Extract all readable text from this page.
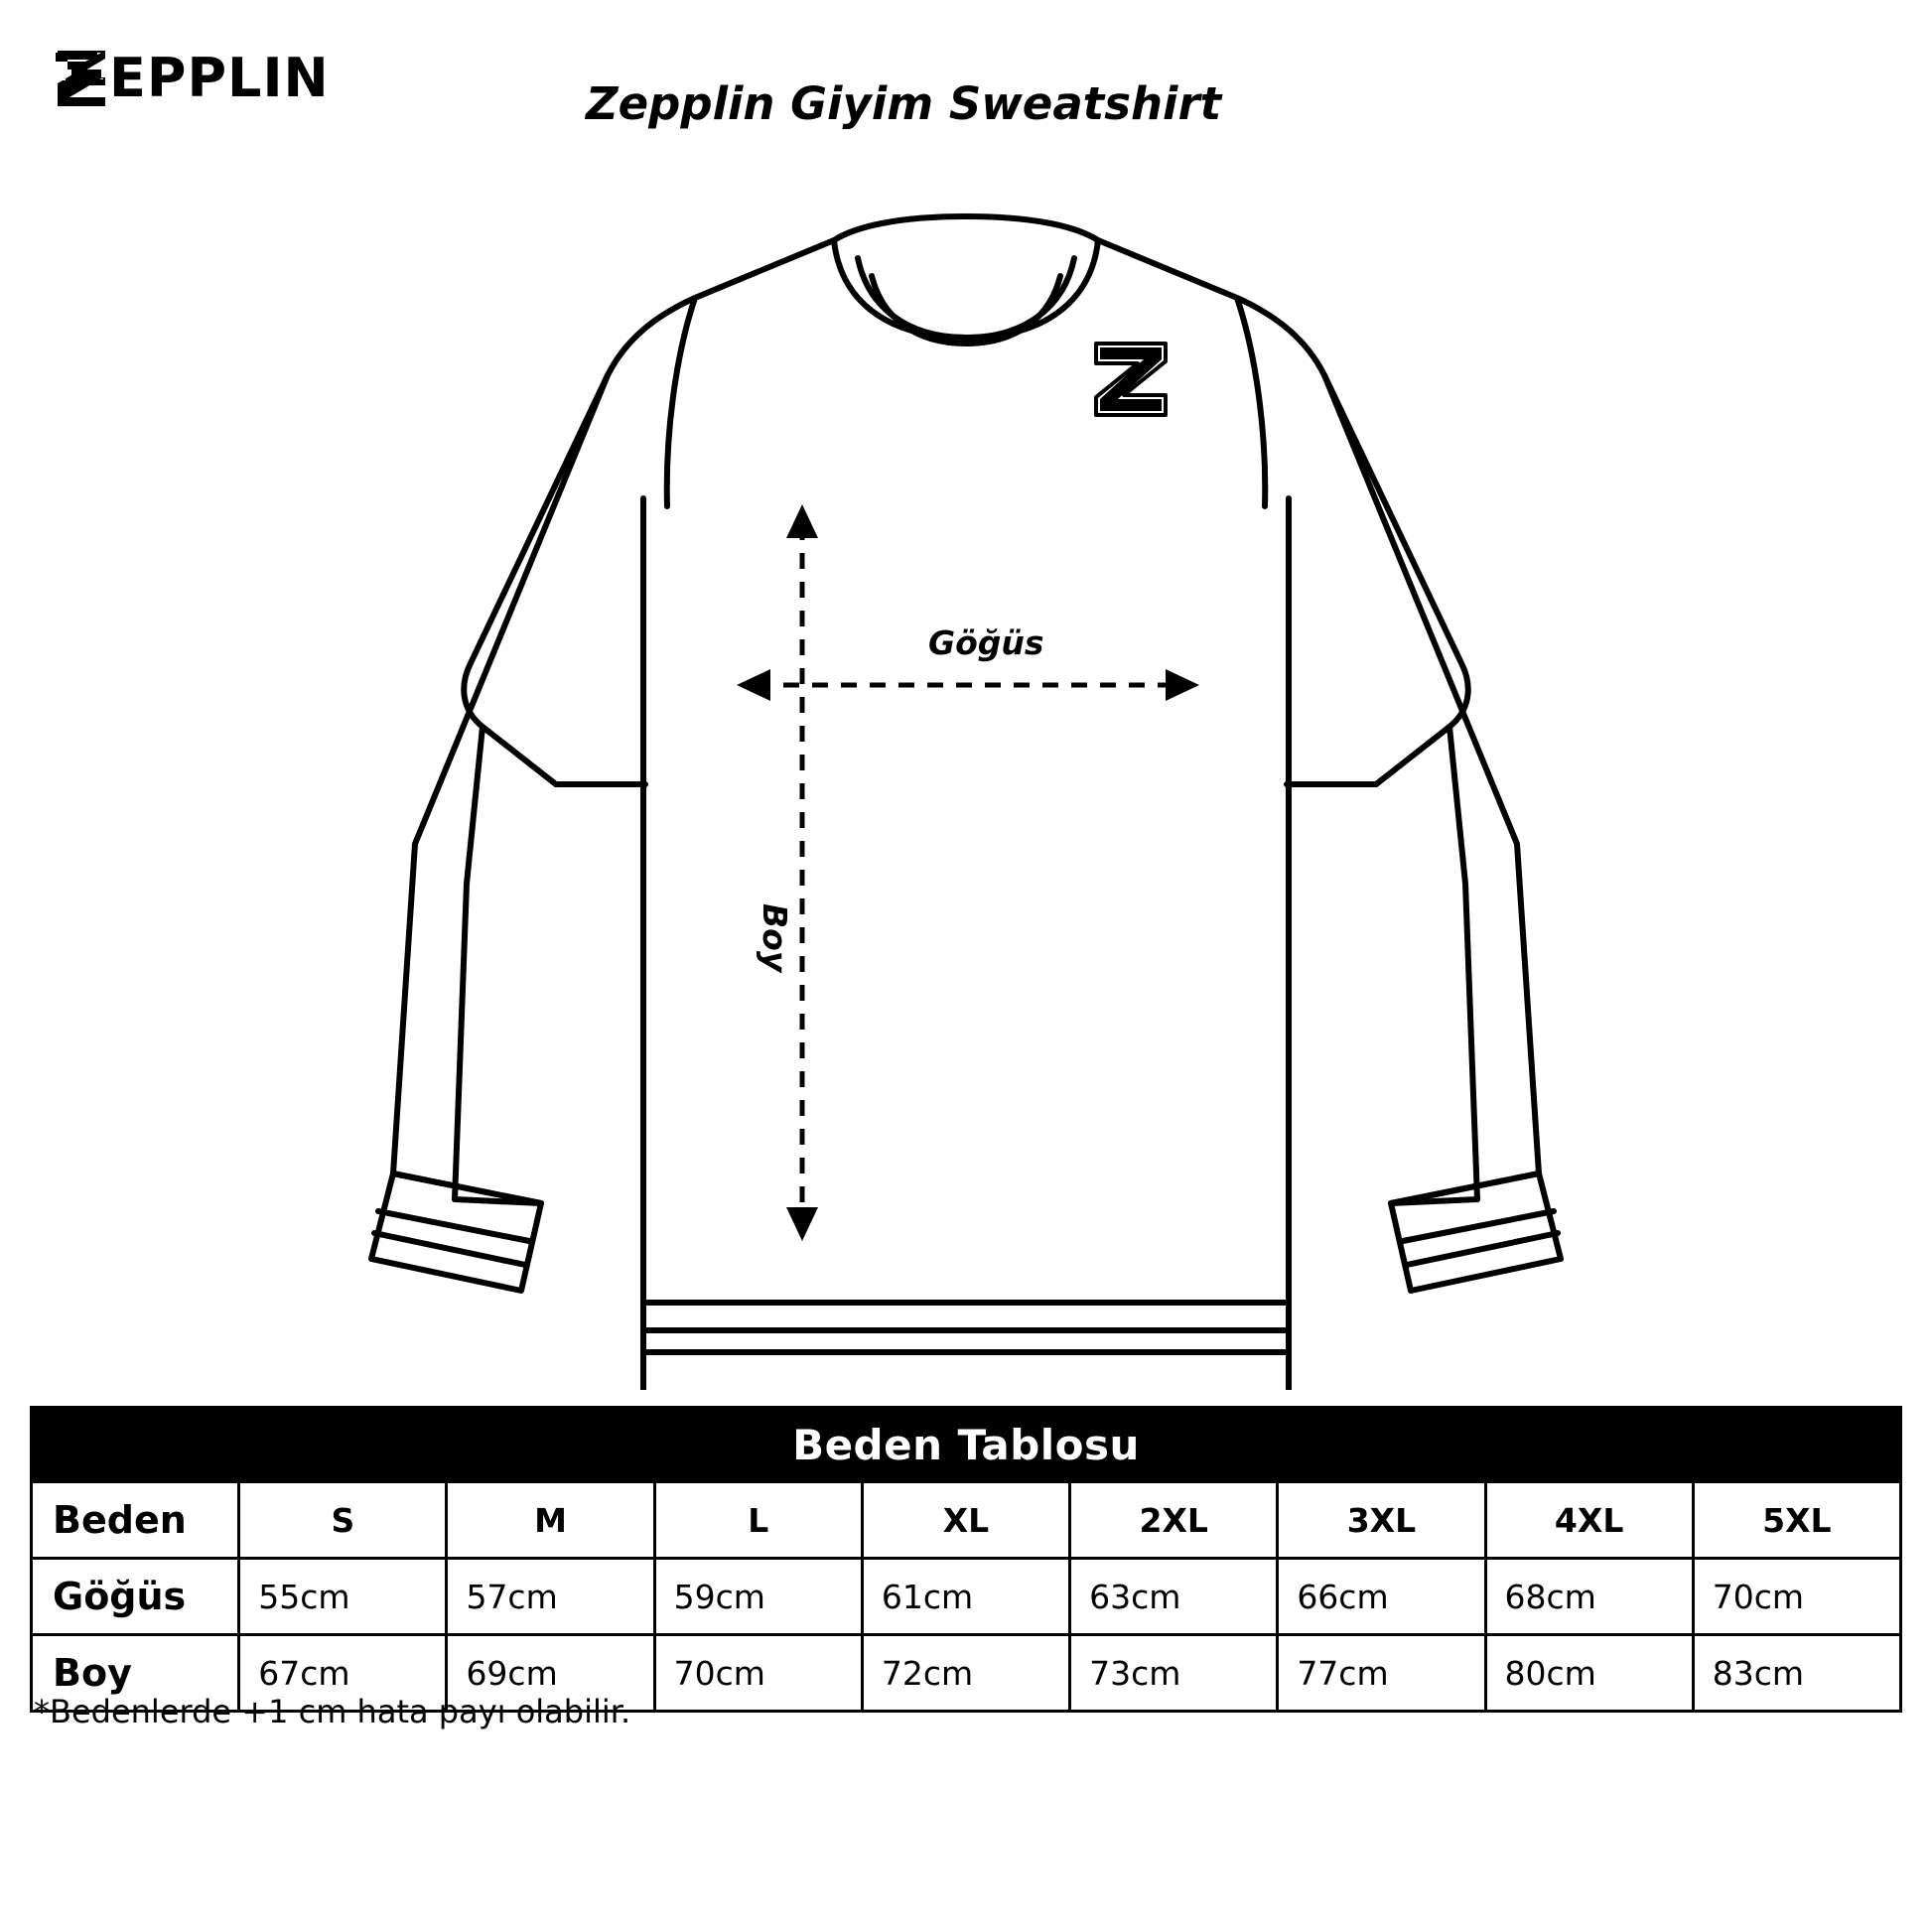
EPPLIN	Zepplin Giyim Sweatshirt
Göğüs
Boy
Beden Tablosu								
Beden	S	M	L	XL	2XL	3XL	4XL	5XL
Göğüs	55cm	57cm	59cm	61cm	63cm	66cm	68cm	70cm
Boy	67cm	69cm	70cm	72cm	73cm	77cm	80cm	83cm
*Bedenlerde +1 cm hata payı olabilir.
